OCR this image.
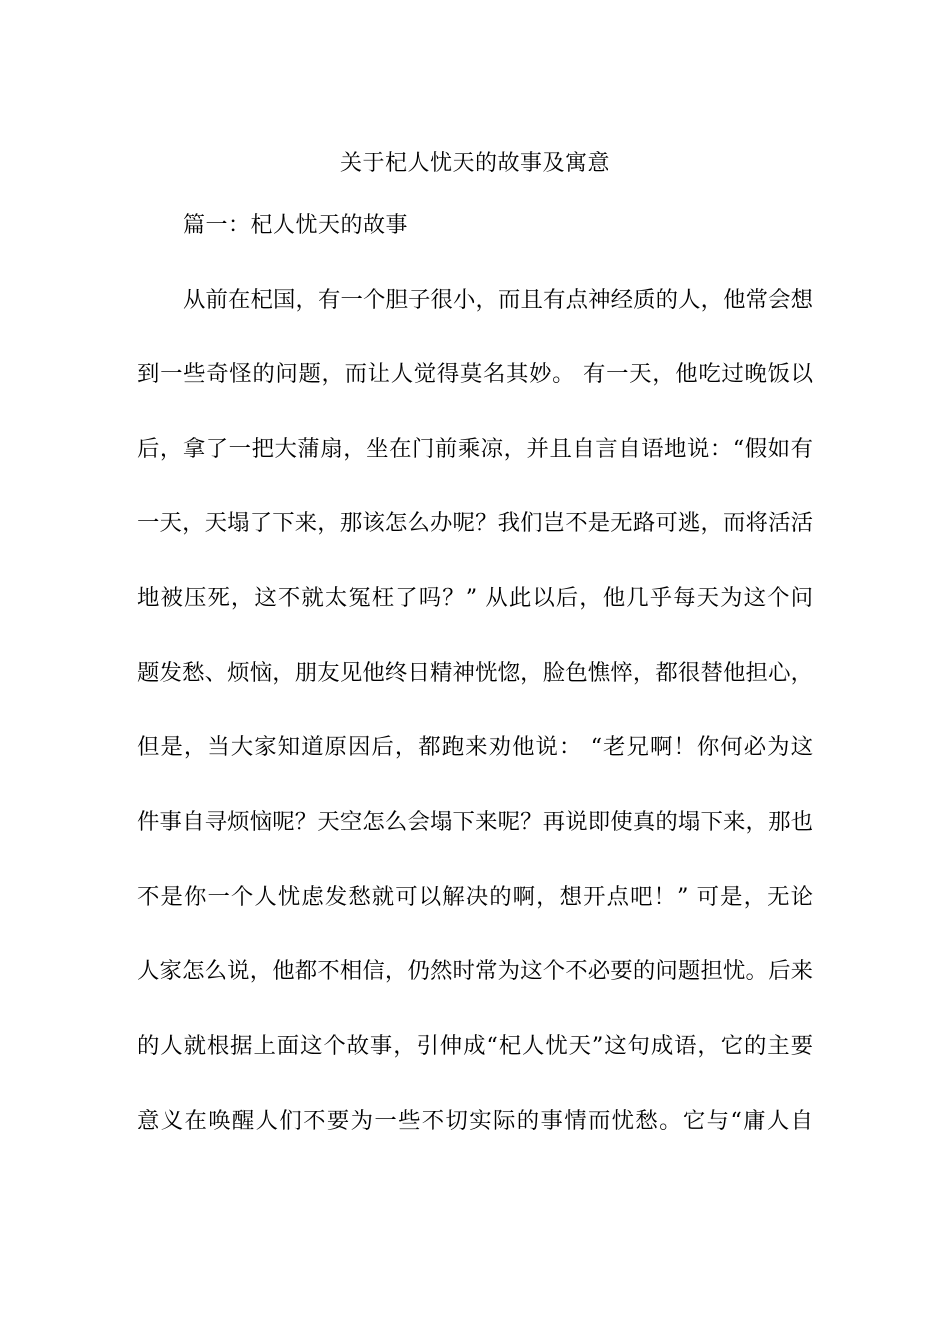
关于杞人忧天的故事及寓意
篇一：杞人忧天的故事
从前在杞国，有一个胆子很小，而且有点神经质的人，他常会想
到一些奇怪的问题，而让人觉得莫名其妙。 有一天，他吃过晚饭以
后，拿了一把大蒲扇，坐在门前乘凉，并且自言自语地说：“假如有
一天，天塌了下来，那该怎么办呢？我们岂不是无路可逃，而将活活
地被压死，这不就太冤枉了吗？” 从此以后，他几乎每天为这个问
题发愁、烦恼，朋友见他终日精神恍惚，脸色憔悴，都很替他担心，
但是，当大家知道原因后，都跑来劝他说： “老兄啊！你何必为这
件事自寻烦恼呢？天空怎么会塌下来呢？再说即使真的塌下来，那也
不是你一个人忧虑发愁就可以解决的啊，想开点吧！” 可是，无论
人家怎么说，他都不相信，仍然时常为这个不必要的问题担忧。后来
的人就根据上面这个故事，引伸成“杞人忧天”这句成语，它的主要
意义在唤醒人们不要为一些不切实际的事情而忧愁。它与“庸人自
